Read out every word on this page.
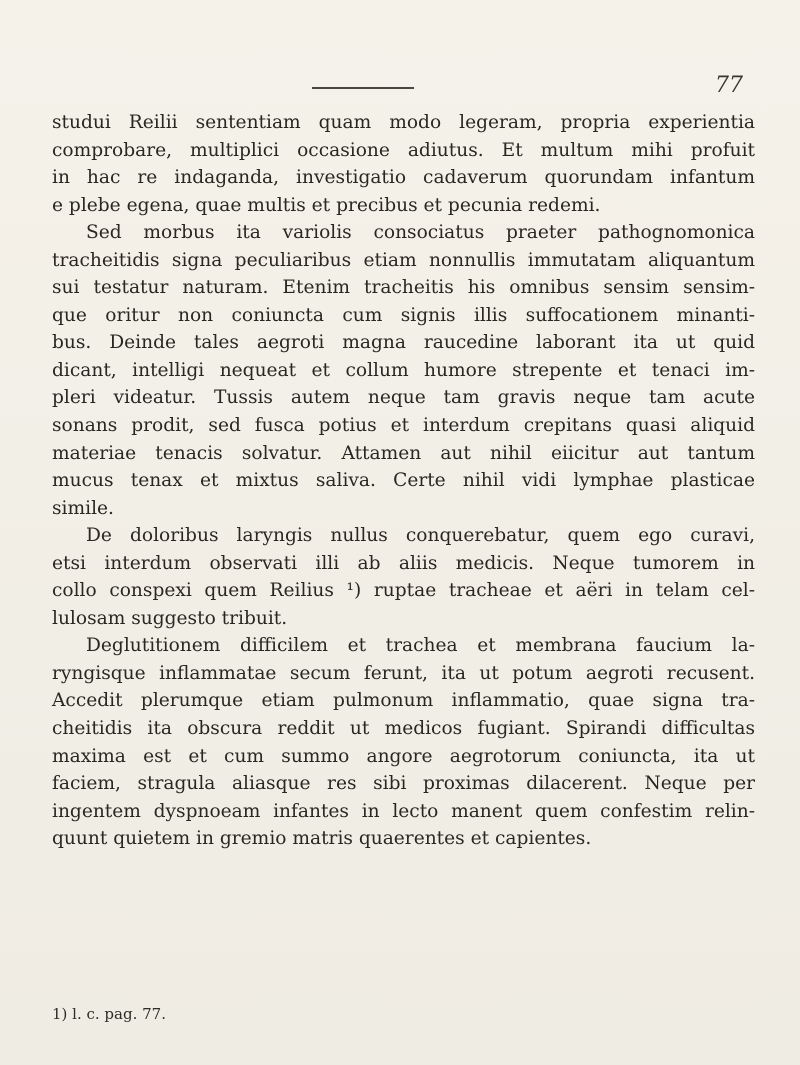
77
studui Reilii sententiam quam modo legeram, propria experientia
comprobare, multiplici occasione adiutus. Et multum mihi profuit
in hac re indaganda, investigatio cadaverum quorundam infantum
e plebe egena, quae multis et precibus et pecunia redemi.
Sed morbus ita variolis consociatus praeter pathognomonica
tracheitidis signa peculiaribus etiam nonnullis immutatam aliquantum
sui testatur naturam. Etenim tracheitis his omnibus sensim sensim-
que oritur non coniuncta cum signis illis suffocationem minanti-
bus. Deinde tales aegroti magna raucedine laborant ita ut quid
dicant, intelligi nequeat et collum humore strepente et tenaci im-
pleri videatur. Tussis autem neque tam gravis neque tam acute
sonans prodit, sed fusca potius et interdum crepitans quasi aliquid
materiae tenacis solvatur. Attamen aut nihil eiicitur aut tantum
mucus tenax et mixtus saliva. Certe nihil vidi lymphae plasticae
simile.
De doloribus laryngis nullus conquerebatur, quem ego curavi,
etsi interdum observati illi ab aliis medicis. Neque tumorem in
collo conspexi quem Reilius ¹) ruptae tracheae et aëri in telam cel-
lulosam suggesto tribuit.
Deglutitionem difficilem et trachea et membrana faucium la-
ryngisque inflammatae secum ferunt, ita ut potum aegroti recusent.
Accedit plerumque etiam pulmonum inflammatio, quae signa tra-
cheitidis ita obscura reddit ut medicos fugiant. Spirandi difficultas
maxima est et cum summo angore aegrotorum coniuncta, ita ut
faciem, stragula aliasque res sibi proximas dilacerent. Neque per
ingentem dyspnoeam infantes in lecto manent quem confestim relin-
quunt quietem in gremio matris quaerentes et capientes.
1) l. c. pag. 77.
